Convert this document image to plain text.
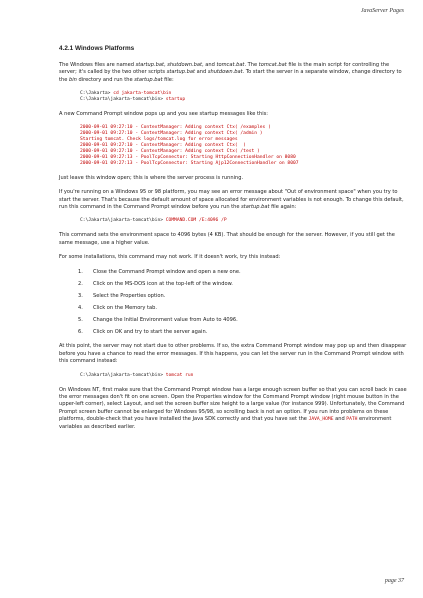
JavaServer Pages
4.2.1 Windows Platforms

The Windows files are named startup.bat, shutdown.bat, and tomcat.bat. The tomcat.bat file is the main script for controlling the server; it's called by the two other scripts startup.bat and shutdown.bat. To start the server in a separate window, change directory to the bin directory and run the startup.bat file:

C:\Jakarta> cd jakarta-tomcat\bin
C:\Jakarta\jakarta-tomcat\bin> startup

A new Command Prompt window pops up and you see startup messages like this:

2000-09-01 09:27:10 - ContextManager: Adding context Ctx( /examples )
2000-09-01 09:27:10 - ContextManager: Adding context Ctx( /admin )
Starting tomcat. Check logs/tomcat.log for error messages
2000-09-01 09:27:10 - ContextManager: Adding context Ctx(  )
2000-09-01 09:27:10 - ContextManager: Adding context Ctx( /test )
2000-09-01 09:27:13 - PoolTcpConnector: Starting HttpConnectionHandler on 8080
2000-09-01 09:27:13 - PoolTcpConnector: Starting Ajp12ConnectionHandler on 8007

Just leave this window open; this is where the server process is running.

If you're running on a Windows 95 or 98 platform, you may see an error message about "Out of environment space" when you try to start the server. That's because the default amount of space allocated for environment variables is not enough. To change this default, run this command in the Command Prompt window before you run the startup.bat file again:

C:\Jakarta\jakarta-tomcat\bin> COMMAND.COM /E:4096 /P

This command sets the environment space to 4096 bytes (4 KB). That should be enough for the server. However, if you still get the same message, use a higher value.

For some installations, this command may not work. If it doesn't work, try this instead:

1.	Close the Command Prompt window and open a new one.
2.	Click on the MS-DOS icon at the top-left of the window.
3.	Select the Properties option.
4.	Click on the Memory tab.
5.	Change the Initial Environment value from Auto to 4096.
6.	Click on OK and try to start the server again.

At this point, the server may not start due to other problems. If so, the extra Command Prompt window may pop up and then disappear before you have a chance to read the error messages. If this happens, you can let the server run in the Command Prompt window with this command instead:

C:\Jakarta\jakarta-tomcat\bin> tomcat run

On Windows NT, first make sure that the Command Prompt window has a large enough screen buffer so that you can scroll back in case the error messages don't fit on one screen. Open the Properties window for the Command Prompt window (right mouse button in the upper-left corner), select Layout, and set the screen buffer size height to a large value (for instance 999). Unfortunately, the Command Prompt screen buffer cannot be enlarged for Windows 95/98, so scrolling back is not an option. If you run into problems on these platforms, double-check that you have installed the Java SDK correctly and that you have set the JAVA_HOME and PATH environment variables as described earlier.

page 37
